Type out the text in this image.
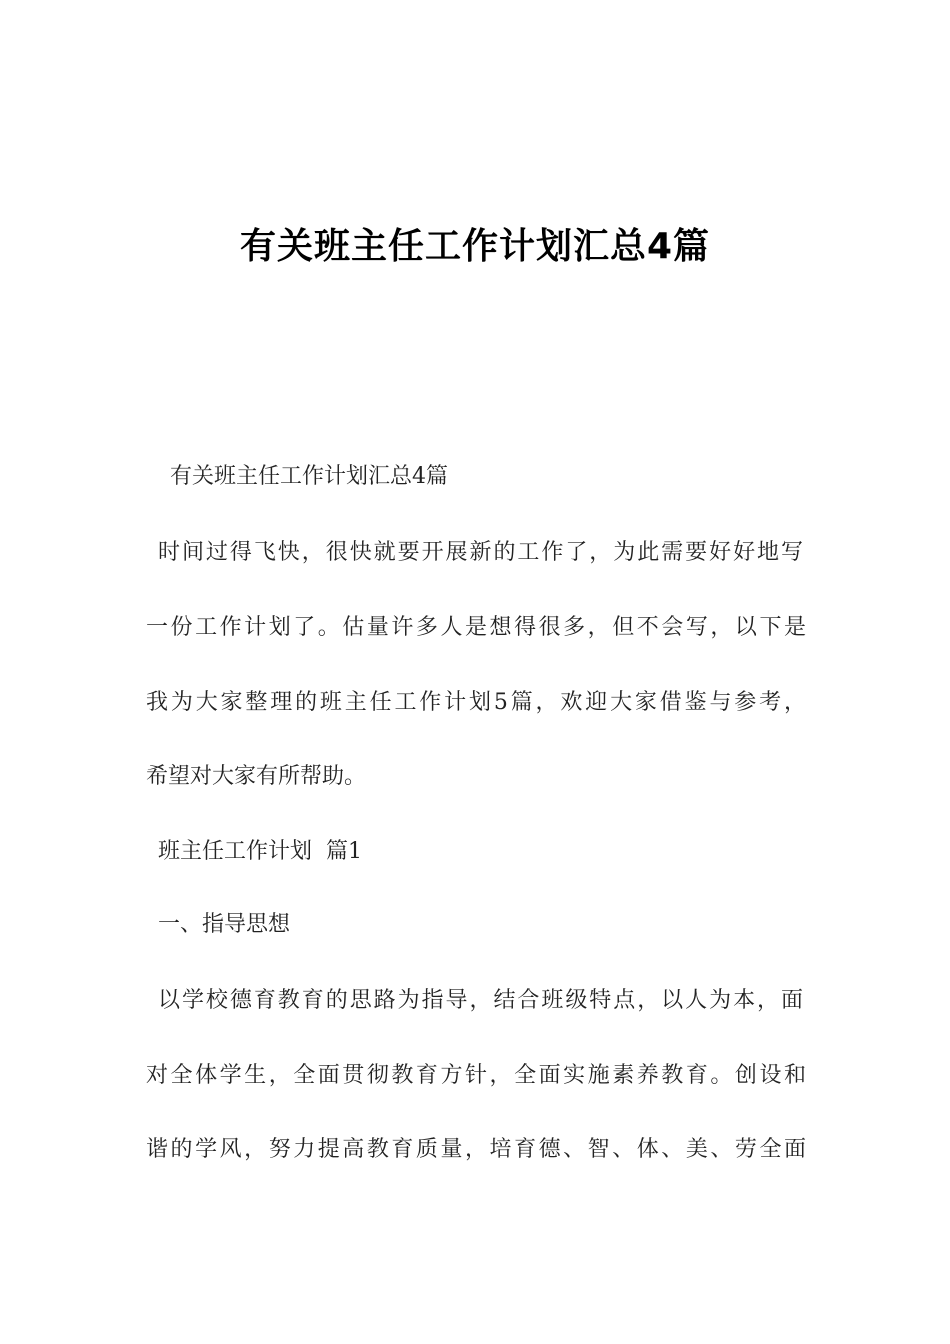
有关班主任工作计划汇总4篇
有关班主任工作计划汇总4篇
时间过得飞快，很快就要开展新的工作了，为此需要好好地写
一份工作计划了。估量许多人是想得很多，但不会写，以下是
我为大家整理的班主任工作计划5篇，欢迎大家借鉴与参考，
希望对大家有所帮助。
班主任工作计划  篇1
一、指导思想
以学校德育教育的思路为指导，结合班级特点，以人为本，面
对全体学生，全面贯彻教育方针，全面实施素养教育。创设和
谐的学风，努力提高教育质量，培育德、智、体、美、劳全面
